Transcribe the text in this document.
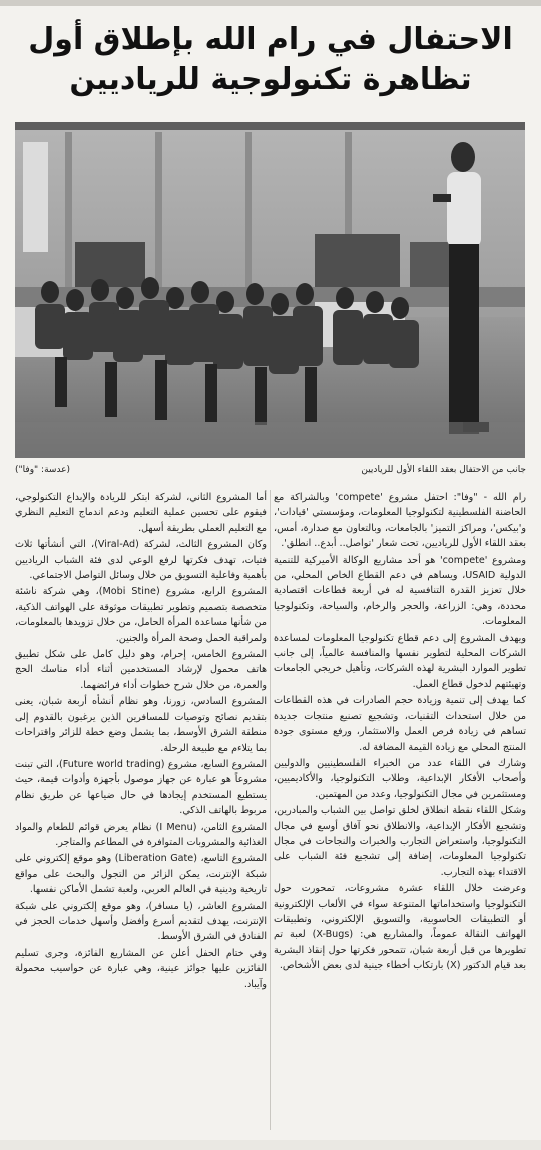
الاحتفال في رام الله بإطلاق أول
تظاهرة تكنولوجية للرياديين
جانب من الاحتفال بعقد اللقاء الأول للرياديين
(عدسة: "وفا")

رام الله - "وفا": احتفل مشروع 'compete' وبالشراكة مع الحاضنة الفلسطينية لتكنولوجيا المعلومات، ومؤسستي 'قيادات'، و'بيكس'، ومراكز التميز' بالجامعات، وبالتعاون مع صدارة، أمس، بعقد اللقاء الأول للرياديين، تحت شعار 'تواصل.. أبدع.. انطلق'.

ومشروع 'compete' هو أحد مشاريع الوكالة الأميركية للتنمية الدولية USAID، ويساهم في دعم القطاع الخاص المحلي، من خلال تعزيز القدرة التنافسية له في أربعة قطاعات اقتصادية محددة، وهي: الزراعة، والحجر والرخام، والسياحة، وتكنولوجيا المعلومات.

ويهدف المشروع إلى دعم قطاع تكنولوجيا المعلومات لمساعدة الشركات المحلية لتطوير نفسها والمنافسة عالمياً، إلى جانب تطوير الموارد البشرية لهذه الشركات، وتأهيل خريجي الجامعات وتهيئتهم لدخول قطاع العمل.

كما يهدف إلى تنمية وزيادة حجم الصادرات في هذه القطاعات من خلال استحداث التقنيات، وتشجيع تصنيع منتجات جديدة تساهم في زيادة فرص العمل والاستثمار، ورفع مستوى جودة المنتج المحلي مع زيادة القيمة المضافة له.

وشارك في اللقاء عدد من الخبراء الفلسطينيين والدوليين وأصحاب الأفكار الإبداعية، وطلاب التكنولوجيا، والأكاديميين، ومستثمرين في مجال التكنولوجيا، وعدد من المهتمين.

وشكل اللقاء نقطة انطلاق لخلق تواصل بين الشباب والمبادرين، وتشجيع الأفكار الإبداعية، والانطلاق نحو آفاق أوسع في مجال التكنولوجيا، واستعراض التجارب والخبرات والنجاحات في مجال تكنولوجيا المعلومات، إضافة إلى تشجيع فئة الشباب على الاقتداء بهذه التجارب.

وعرضت خلال اللقاء عشرة مشروعات، تمحورت حول التكنولوجيا واستخداماتها المتنوعة سواء في الألعاب الإلكترونية أو التطبيقات الحاسوبية، والتسويق الإلكتروني، وتطبيقات الهواتف النقالة عموماً، والمشاريع هي: (X-Bugs) لعبة تم تطويرها من قبل أربعة شبان، تتمحور فكرتها حول إنقاذ البشرية بعد قيام الدكتور (X) بارتكاب أخطاء جينية لدى بعض الأشخاص.

أما المشروع الثاني، لشركة ابتكر للريادة والإبداع التكنولوجي، فيقوم على تحسين عملية التعليم ودعم اندماج التعليم النظري مع التعليم العملي بطريقة أسهل.

وكان المشروع الثالث، لشركة (Viral-Ad)، التي أنشأتها ثلاث فتيات، تهدف فكرتها لرفع الوعي لدى فئة الشباب الرياديين بأهمية وفاعلية التسويق من خلال وسائل التواصل الاجتماعي.

المشروع الرابع، مشروع (Mobi Stine)، وهي شركة ناشئة متخصصة بتصميم وتطوير تطبيقات موثوقة على الهواتف الذكية، من شأنها مساعدة المرأة الحامل، من خلال تزويدها بالمعلومات، ولمراقبة الحمل وصحة المرأة والجنين.

المشروع الخامس، إحرام، وهو دليل كامل على شكل تطبيق هاتف محمول لإرشاد المستخدمين أثناء أداء مناسك الحج والعمرة، من خلال شرح خطوات أداء فرائضهما.

المشروع السادس، زورنا، وهو نظام أنشأه أربعة شبان، يعنى بتقديم نصائح وتوصيات للمسافرين الذين يرغبون بالقدوم إلى منطقة الشرق الأوسط، بما يشمل وضع خطة للزائر واقتراحات بما يتلاءم مع طبيعة الرحلة.

المشروع السابع، مشروع (Future world trading)، التي تبنت مشروعاً هو عبارة عن جهاز موصول بأجهزة وأدوات قيمة، حيث يستطيع المستخدم إيجادها في حال ضياعها عن طريق نظام مربوط بالهاتف الذكي.

المشروع الثامن، (I Menu) نظام يعرض قوائم للطعام والمواد الغذائية والمشروبات المتوافرة في المطاعم والمتاجر.

المشروع التاسع، (Liberation Gate) وهو موقع إلكتروني على شبكة الإنترنت، يمكن الزائر من التجول والبحث على مواقع تاريخية ودينية في العالم العربي، ولعبة تشمل الأماكن نفسها.

المشروع العاشر، (يا مسافر)، وهو موقع إلكتروني على شبكة الإنترنت، يهدف لتقديم أسرع وأفضل وأسهل خدمات الحجز في الفنادق في الشرق الأوسط.

وفي ختام الحفل أعلن عن المشاريع الفائزة، وجرى تسليم الفائزين عليها جوائز عينية، وهي عبارة عن حواسيب محمولة وآيباد.
